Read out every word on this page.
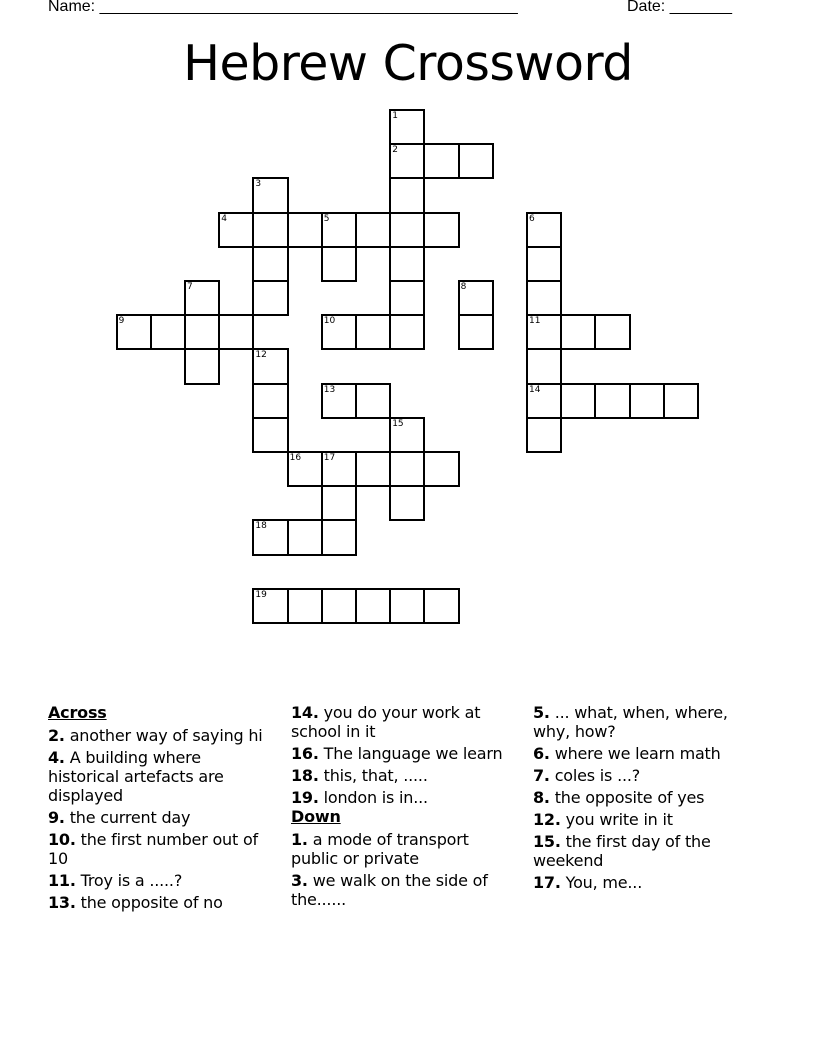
Name: _______________________________________________	Date: _______
Hebrew Crossword
1
2
3
4	5	6
7	8
9	10	11
12
13	14
15
16	17
18
19
Across
2. another way of saying hi
4. A building where historical artefacts are displayed
9. the current day
10. the first number out of 10
11. Troy is a .....?
13. the opposite of no
14. you do your work at school in it
16. The language we learn
18. this, that, .....
19. london is in...
Down
1. a mode of transport public or private
3. we walk on the side of the......
5. ... what, when, where, why, how?
6. where we learn math
7. coles is ...?
8. the opposite of yes
12. you write in it
15. the first day of the weekend
17. You, me...
